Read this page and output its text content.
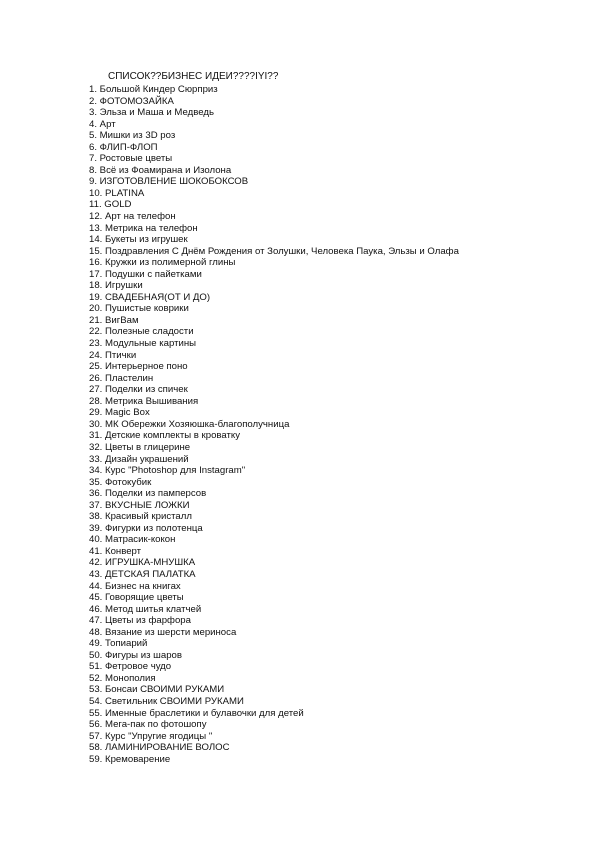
СПИСОК??БИЗНЕС ИДЕИ????IYI??
1. Большой Киндер Сюрприз
2. ФОТОМОЗАЙКА
3. Эльза и Маша и Медведь
4. Арт
5. Мишки из 3D роз
6. ФЛИП-ФЛОП
7. Ростовые цветы
8. Всё из Фоамирана и Изолона
9. ИЗГОТОВЛЕНИЕ ШОКОБОКСОВ
10. PLATINA
11. GOLD
12. Арт на телефон
13. Метрика на телефон
14. Букеты из игрушек
15. Поздравления С Днём Рождения от Золушки, Человека Паука, Эльзы и Олафа
16. Кружки из полимерной глины
17. Подушки с пайетками
18. Игрушки
19. СВАДЕБНАЯ(ОТ И ДО)
20. Пушистые коврики
21. ВигВам
22. Полезные сладости
23. Модульные картины
24. Птички
25. Интерьерное поно
26. Пластелин
27. Поделки из спичек
28. Метрика Вышивания
29. Magic Box
30. МК Обережки Хозяюшка-благополучница
31. Детские комплекты в кроватку
32. Цветы в глицерине
33. Дизайн украшений
34. Курс "Photoshop для Instagram"
35. Фотокубик
36. Поделки из памперсов
37. ВКУСНЫЕ ЛОЖКИ
38. Красивый кристалл
39. Фигурки из полотенца
40. Матрасик-кокон
41. Конверт
42. ИГРУШКА-МНУШКА
43. ДЕТСКАЯ ПАЛАТКА
44. Бизнес на книгах
45. Говорящие цветы
46. Метод шитья клатчей
47. Цветы из фарфора
48. Вязание из шерсти мериноса
49. Топиарий
50. Фигуры из шаров
51. Фетровое чудо
52. Монополия
53. Бонсаи СВОИМИ РУКАМИ
54. Светильник СВОИМИ РУКАМИ
55. Именные браслетики и булавочки для детей
56. Мега-пак по фотошопу
57. Курс "Упругие ягодицы "
58. ЛАМИНИРОВАНИЕ ВОЛОС
59. Кремоварение
